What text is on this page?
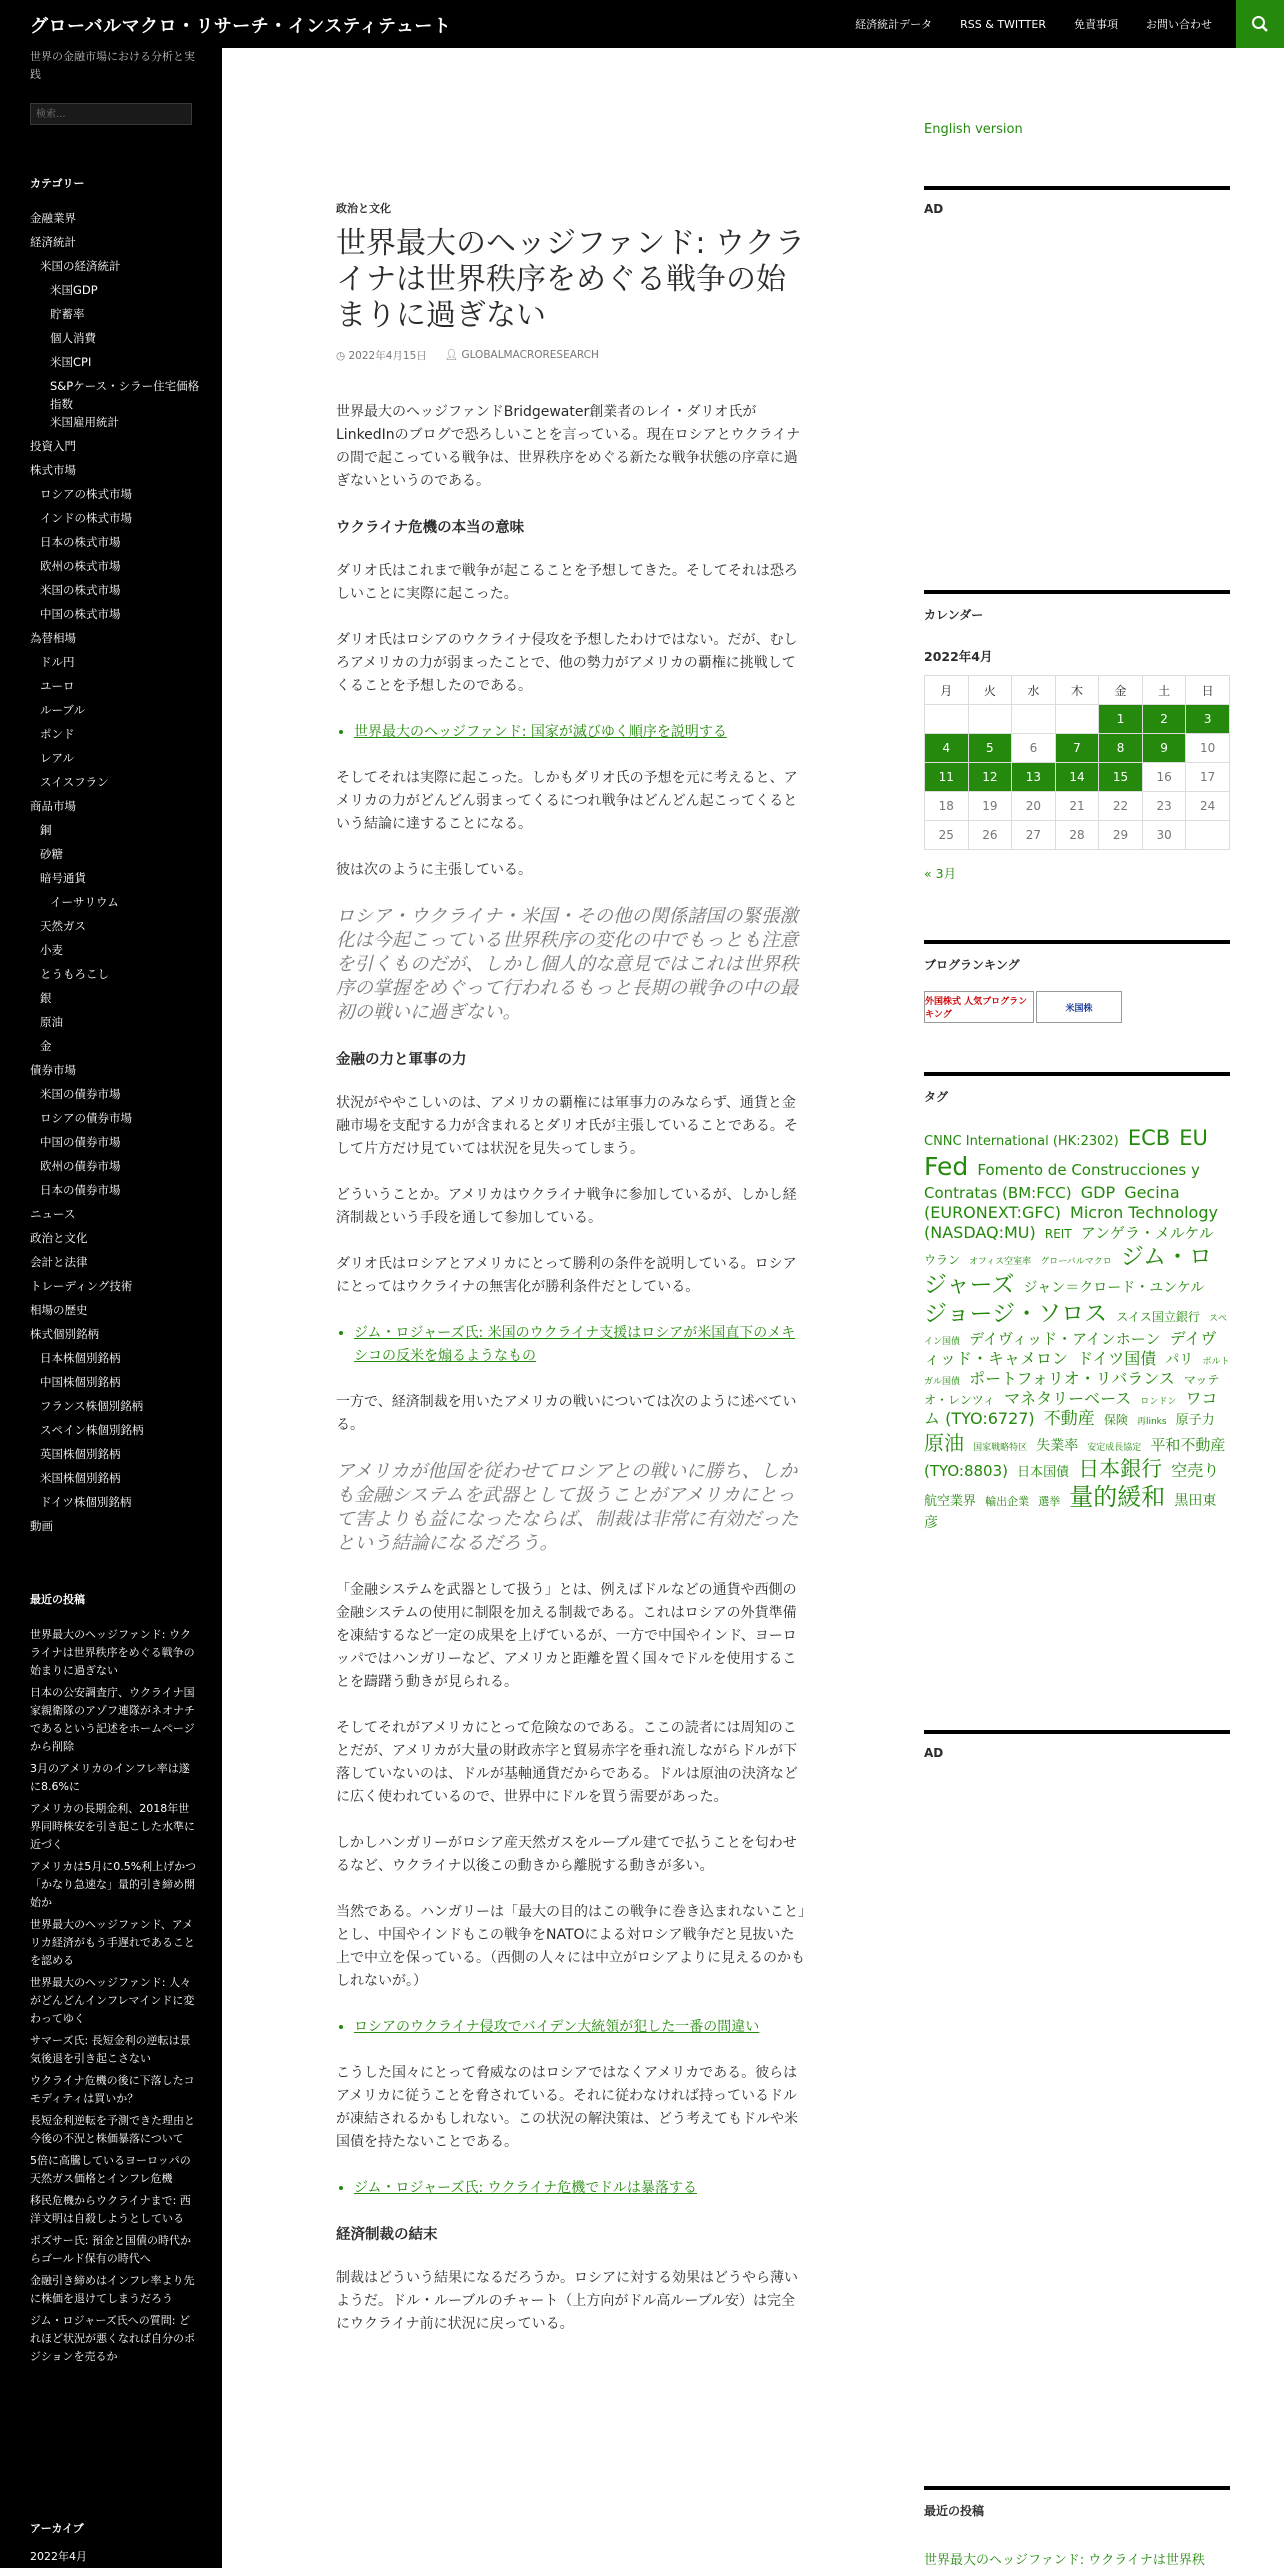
グローバルマクロ・リサーチ・インスティテュート	経済統計データ	RSS & TWITTER	免責事項	お問い合わせ
世界の金融市場における分析と実践
検索...
カテゴリー
金融業界
経済統計
米国の経済統計
米国GDP
貯蓄率
個人消費
米国CPI
S&Pケース・シラー住宅価格指数
米国雇用統計
投資入門
株式市場
ロシアの株式市場
インドの株式市場
日本の株式市場
欧州の株式市場
米国の株式市場
中国の株式市場
為替相場
ドル円
ユーロ
ルーブル
ポンド
レアル
スイスフラン
商品市場
銅
砂糖
暗号通貨
イーサリウム
天然ガス
小麦
とうもろこし
銀
原油
金
債券市場
米国の債券市場
ロシアの債券市場
中国の債券市場
欧州の債券市場
日本の債券市場
ニュース
政治と文化
会計と法律
トレーディング技術
相場の歴史
株式個別銘柄
日本株個別銘柄
中国株個別銘柄
フランス株個別銘柄
スペイン株個別銘柄
英国株個別銘柄
米国株個別銘柄
ドイツ株個別銘柄
動画
最近の投稿
世界最大のヘッジファンド: ウクライナは世界秩序をめぐる戦争の始まりに過ぎない
日本の公安調査庁、ウクライナ国家親衛隊のアゾフ連隊がネオナチであるという記述をホームページから削除
3月のアメリカのインフレ率は遂に8.6%に
アメリカの長期金利、2018年世界同時株安を引き起こした水準に近づく
アメリカは5月に0.5%利上げかつ「かなり急速な」量的引き締め開始か
世界最大のヘッジファンド、アメリカ経済がもう手遅れであることを認める
世界最大のヘッジファンド: 人々がどんどんインフレマインドに変わってゆく
サマーズ氏: 長短金利の逆転は景気後退を引き起こさない
ウクライナ危機の後に下落したコモディティは買いか？
長短金利逆転を予測できた理由と今後の不況と株価暴落について
5倍に高騰しているヨーロッパの天然ガス価格とインフレ危機
移民危機からウクライナまで: 西洋文明は自殺しようとしている
ポズサー氏: 預金と国債の時代からゴールド保有の時代へ
金融引き締めはインフレ率より先に株価を退けてしまうだろう
ジム・ロジャーズ氏への質問: どれほど状況が悪くなれば自分のポジションを売るか
アーカイブ
2022年4月
政治と文化
世界最大のヘッジファンド: ウクライナは世界秩序をめぐる戦争の始まりに過ぎない
◷ 2022年4月15日 👤︎ GLOBALMACRORESEARCH

世界最大のヘッジファンドBridgewater創業者のレイ・ダリオ氏がLinkedInのブログで恐ろしいことを言っている。現在ロシアとウクライナの間で起こっている戦争は、世界秩序をめぐる新たな戦争状態の序章に過ぎないというのである。

ウクライナ危機の本当の意味

ダリオ氏はこれまで戦争が起こることを予想してきた。そしてそれは恐ろしいことに実際に起こった。

ダリオ氏はロシアのウクライナ侵攻を予想したわけではない。だが、むしろアメリカの力が弱まったことで、他の勢力がアメリカの覇権に挑戦してくることを予想したのである。

• 世界最大のヘッジファンド: 国家が滅びゆく順序を説明する

そしてそれは実際に起こった。しかもダリオ氏の予想を元に考えると、アメリカの力がどんどん弱まってくるにつれ戦争はどんどん起こってくるという結論に達することになる。

彼は次のように主張している。

ロシア・ウクライナ・米国・その他の関係諸国の緊張激化は今起こっている世界秩序の変化の中でもっとも注意を引くものだが、しかし個人的な意見ではこれは世界秩序の掌握をめぐって行われるもっと長期の戦争の中の最初の戦いに過ぎない。
金融の力と軍事の力

状況がややこしいのは、アメリカの覇権には軍事力のみならず、通貨と金融市場を支配する力が含まれるとダリオ氏が主張していることである。そして片方だけ見ていては状況を見失ってしまう。

どういうことか。アメリカはウクライナ戦争に参加しているが、しかし経済制裁という手段を通して参加している。

ダリオ氏はロシアとアメリカにとって勝利の条件を説明している。ロシアにとってはウクライナの無害化が勝利条件だとしている。

• ジム・ロジャーズ氏: 米国のウクライナ支援はロシアが米国直下のメキシコの反米を煽るようなもの

一方で、経済制裁を用いたアメリカの戦いについては次のように述べている。

アメリカが他国を従わせてロシアとの戦いに勝ち、しかも金融システムを武器として扱うことがアメリカにとって害よりも益になったならば、制裁は非常に有効だったという結論になるだろう。

「金融システムを武器として扱う」とは、例えばドルなどの通貨や西側の金融システムの使用に制限を加える制裁である。これはロシアの外貨準備を凍結するなど一定の成果を上げているが、一方で中国やインド、ヨーロッパではハンガリーなど、アメリカと距離を置く国々でドルを使用することを躊躇う動きが見られる。

そしてそれがアメリカにとって危険なのである。ここの読者には周知のことだが、アメリカが大量の財政赤字と貿易赤字を垂れ流しながらドルが下落していないのは、ドルが基軸通貨だからである。ドルは原油の決済などに広く使われているので、世界中にドルを買う需要があった。

しかしハンガリーがロシア産天然ガスをルーブル建てで払うことを匂わせるなど、ウクライナ以後この動きから離脱する動きが多い。

当然である。ハンガリーは「最大の目的はこの戦争に巻き込まれないこと」とし、中国やインドもこの戦争をNATOによる対ロシア戦争だと見抜いた上で中立を保っている。（西側の人々には中立がロシアよりに見えるのかもしれないが。）

• ロシアのウクライナ侵攻でバイデン大統領が犯した一番の間違い

こうした国々にとって脅威なのはロシアではなくアメリカである。彼らはアメリカに従うことを脅されている。それに従わなければ持っているドルが凍結されるかもしれない。この状況の解決策は、どう考えてもドルや米国債を持たないことである。

• ジム・ロジャーズ氏: ウクライナ危機でドルは暴落する
経済制裁の結末

制裁はどういう結果になるだろうか。ロシアに対する効果はどうやら薄いようだ。ドル・ルーブルのチャート（上方向がドル高ルーブル安）は完全にウクライナ前に状況に戻っている。

English version
AD
カレンダー
2022年4月
月	火	水	木	金	土	日
				1	2	3
4	5	6	7	8	9	10
11	12	13	14	15	16	17
18	19	20	21	22	23	24
25	26	27	28	29	30	
« 3月
ブログランキング
外国株式 人気ブログランキング
米国株
タグ
CNNC International (HK:2302) ECB EU Fed Fomento de Construcciones y Contratas (BM:FCC) GDP Gecina (EURONEXT:GFC) Micron Technology (NASDAQ:MU) REIT アンゲラ・メルケル ウラン オフィス空室率 グローバルマクロ ジム・ロジャーズ ジャン＝クロード・ユンケル ジョージ・ソロス スイス国立銀行 スペイン国債 デイヴィッド・アインホーン デイヴィッド・キャメロン ドイツ国債 パリ ポルトガル国債 ポートフォリオ・リバランス マッテオ・レンツィ マネタリーベース ロンドン ワコム (TYO:6727) 不動産 保険 再links 原子力 原油 国家戦略特区 失業率 安定成長協定 平和不動産 (TYO:8803) 日本国債 日本銀行 空売り 航空業界 輸出企業 選挙 量的緩和 黒田東彦
AD
最近の投稿
世界最大のヘッジファンド: ウクライナは世界秩
